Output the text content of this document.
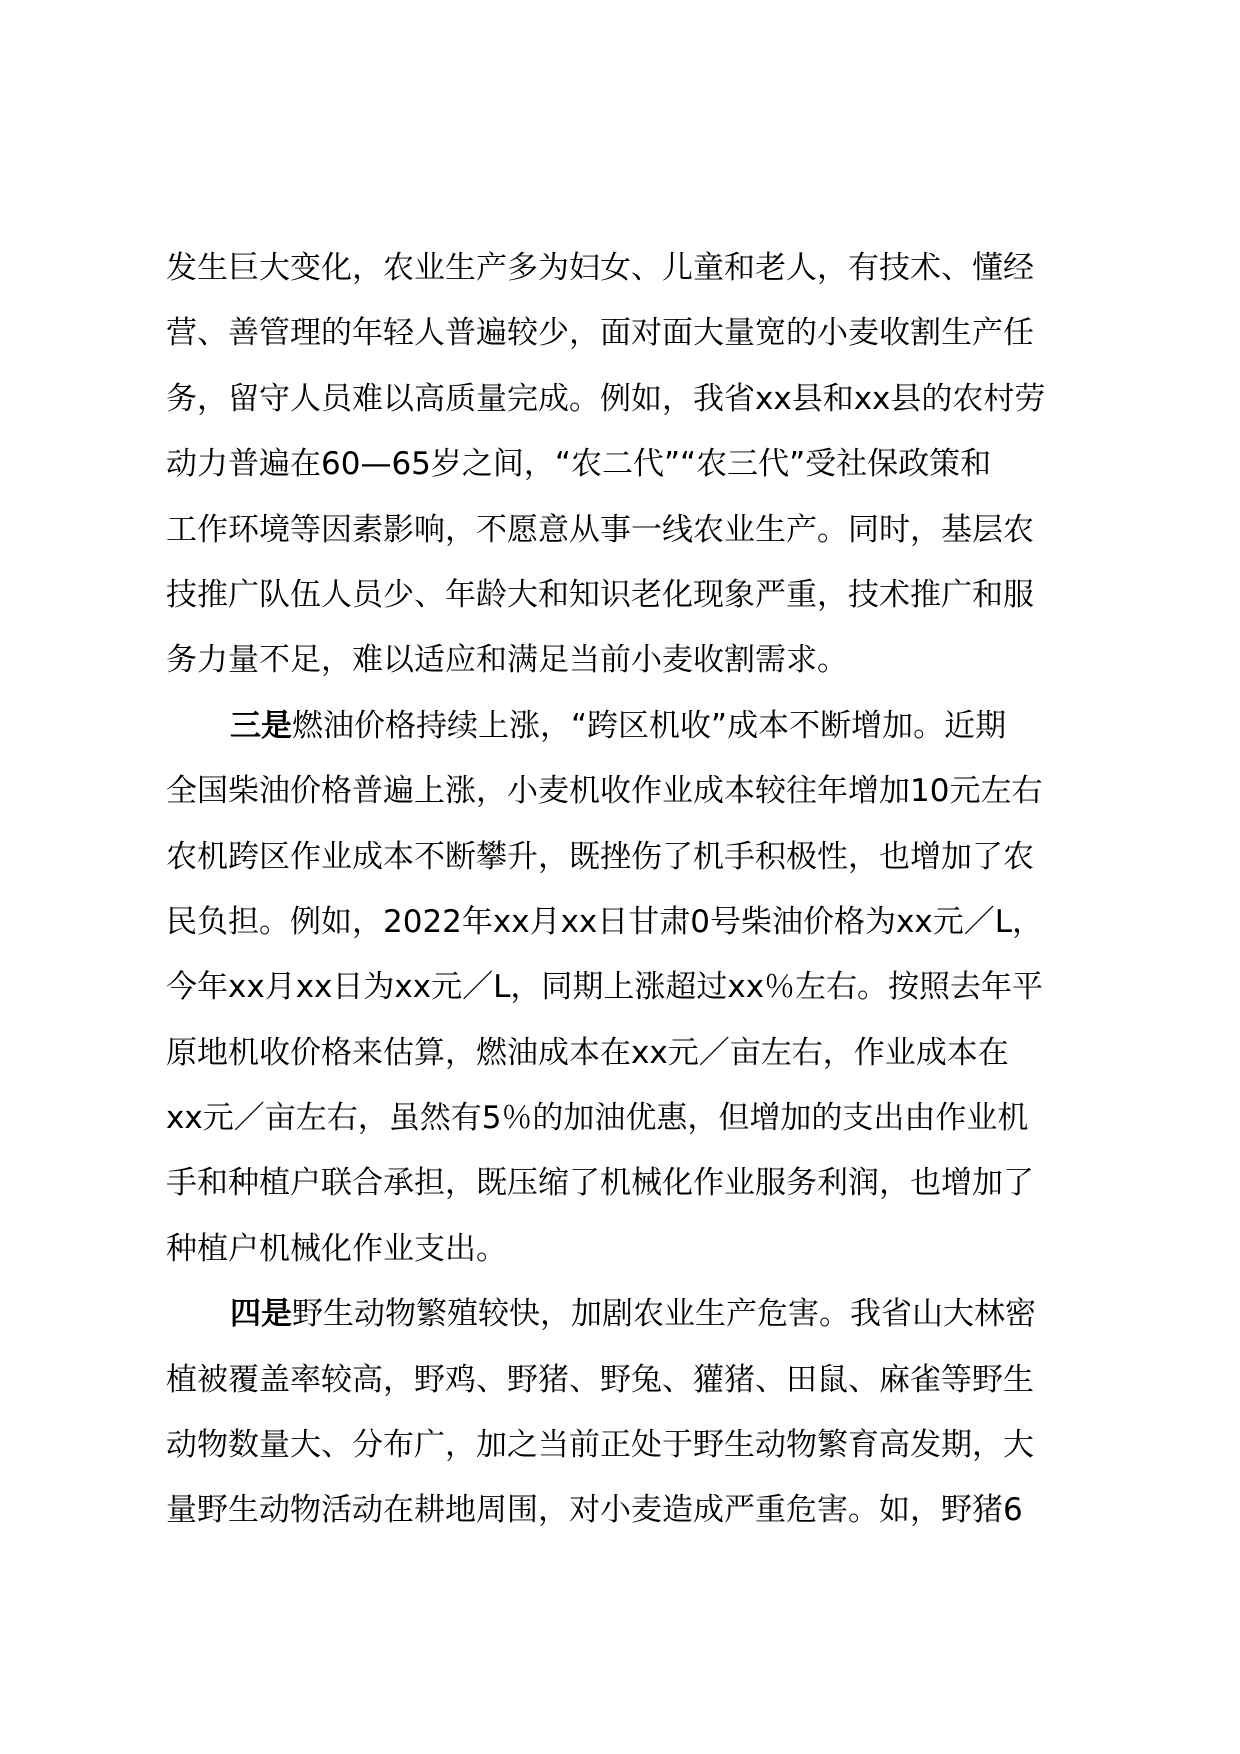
发生巨大变化，农业生产多为妇女、儿童和老人，有技术、懂经
营、善管理的年轻人普遍较少，面对面大量宽的小麦收割生产任
务，留守人员难以高质量完成。例如，我省xx县和xx县的农村劳
动力普遍在60—65岁之间，“农二代”“农三代”受社保政策和
工作环境等因素影响，不愿意从事一线农业生产。同时，基层农
技推广队伍人员少、年龄大和知识老化现象严重，技术推广和服
务力量不足，难以适应和满足当前小麦收割需求。
三是燃油价格持续上涨，“跨区机收”成本不断增加。近期
全国柴油价格普遍上涨，小麦机收作业成本较往年增加10元左右
农机跨区作业成本不断攀升，既挫伤了机手积极性，也增加了农
民负担。例如，2022年xx月xx日甘肃0号柴油价格为xx元／L，
今年xx月xx日为xx元／L，同期上涨超过xx％左右。按照去年平
原地机收价格来估算，燃油成本在xx元／亩左右，作业成本在
xx元／亩左右，虽然有5％的加油优惠，但增加的支出由作业机
手和种植户联合承担，既压缩了机械化作业服务利润，也增加了
种植户机械化作业支出。
四是野生动物繁殖较快，加剧农业生产危害。我省山大林密
植被覆盖率较高，野鸡、野猪、野兔、獾猪、田鼠、麻雀等野生
动物数量大、分布广，加之当前正处于野生动物繁育高发期，大
量野生动物活动在耕地周围，对小麦造成严重危害。如，野猪6
